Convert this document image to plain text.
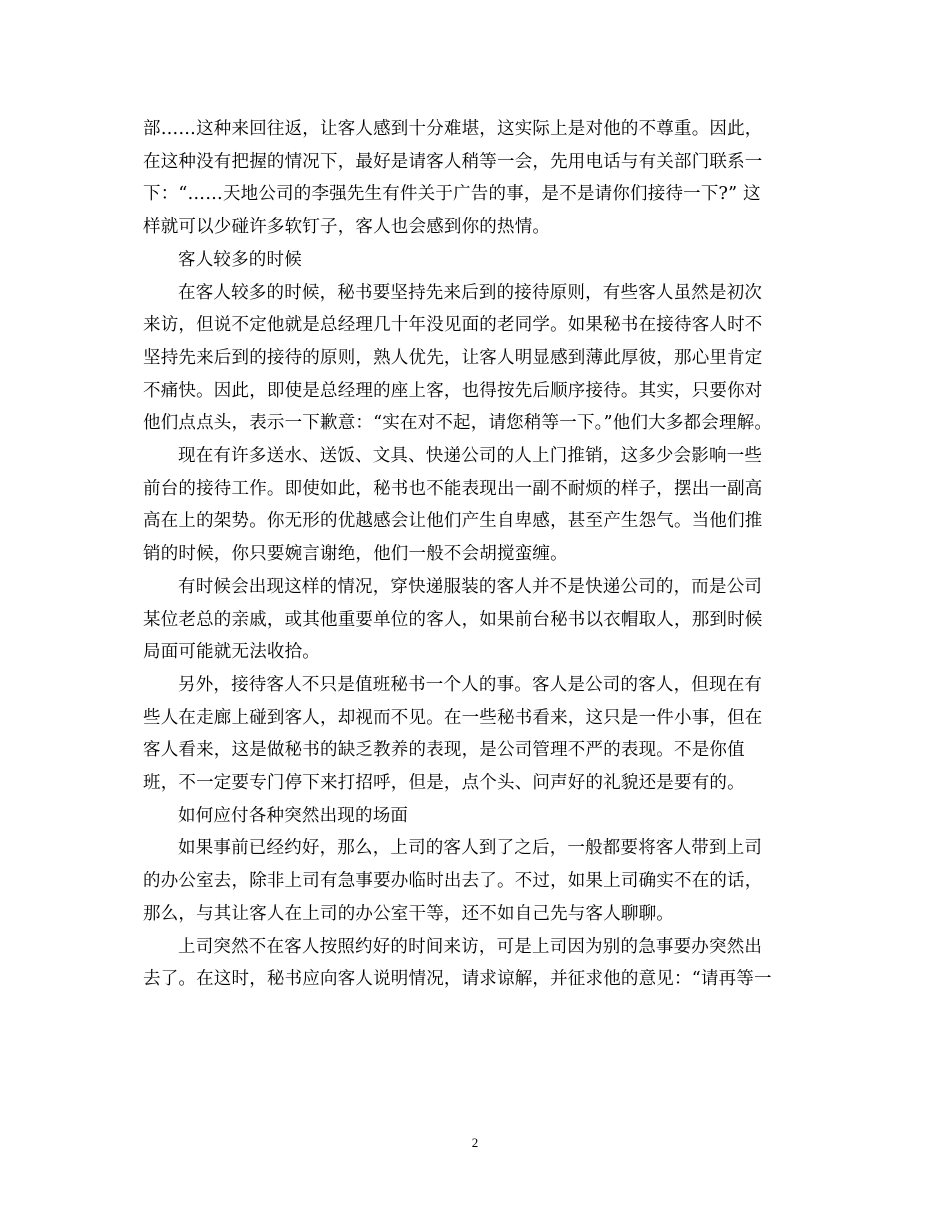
部……这种来回往返，让客人感到十分难堪，这实际上是对他的不尊重。因此，
在这种没有把握的情况下，最好是请客人稍等一会，先用电话与有关部门联系一
下：“……天地公司的李强先生有件关于广告的事，是不是请你们接待一下?” 这
样就可以少碰许多软钉子，客人也会感到你的热情。
客人较多的时候
在客人较多的时候，秘书要坚持先来后到的接待原则，有些客人虽然是初次
来访，但说不定他就是总经理几十年没见面的老同学。如果秘书在接待客人时不
坚持先来后到的接待的原则，熟人优先，让客人明显感到薄此厚彼，那心里肯定
不痛快。因此，即使是总经理的座上客，也得按先后顺序接待。其实，只要你对
他们点点头，表示一下歉意：“实在对不起，请您稍等一下。”他们大多都会理解。
现在有许多送水、送饭、文具、快递公司的人上门推销，这多少会影响一些
前台的接待工作。即使如此，秘书也不能表现出一副不耐烦的样子，摆出一副高
高在上的架势。你无形的优越感会让他们产生自卑感，甚至产生怨气。当他们推
销的时候，你只要婉言谢绝，他们一般不会胡搅蛮缠。
有时候会出现这样的情况，穿快递服装的客人并不是快递公司的，而是公司
某位老总的亲戚，或其他重要单位的客人，如果前台秘书以衣帽取人，那到时候
局面可能就无法收拾。
另外，接待客人不只是值班秘书一个人的事。客人是公司的客人，但现在有
些人在走廊上碰到客人，却视而不见。在一些秘书看来，这只是一件小事，但在
客人看来，这是做秘书的缺乏教养的表现，是公司管理不严的表现。不是你值
班，不一定要专门停下来打招呼，但是，点个头、问声好的礼貌还是要有的。
如何应付各种突然出现的场面
如果事前已经约好，那么，上司的客人到了之后，一般都要将客人带到上司
的办公室去，除非上司有急事要办临时出去了。不过，如果上司确实不在的话，
那么，与其让客人在上司的办公室干等，还不如自己先与客人聊聊。
上司突然不在客人按照约好的时间来访，可是上司因为别的急事要办突然出
去了。在这时，秘书应向客人说明情况，请求谅解，并征求他的意见：“请再等一
2
